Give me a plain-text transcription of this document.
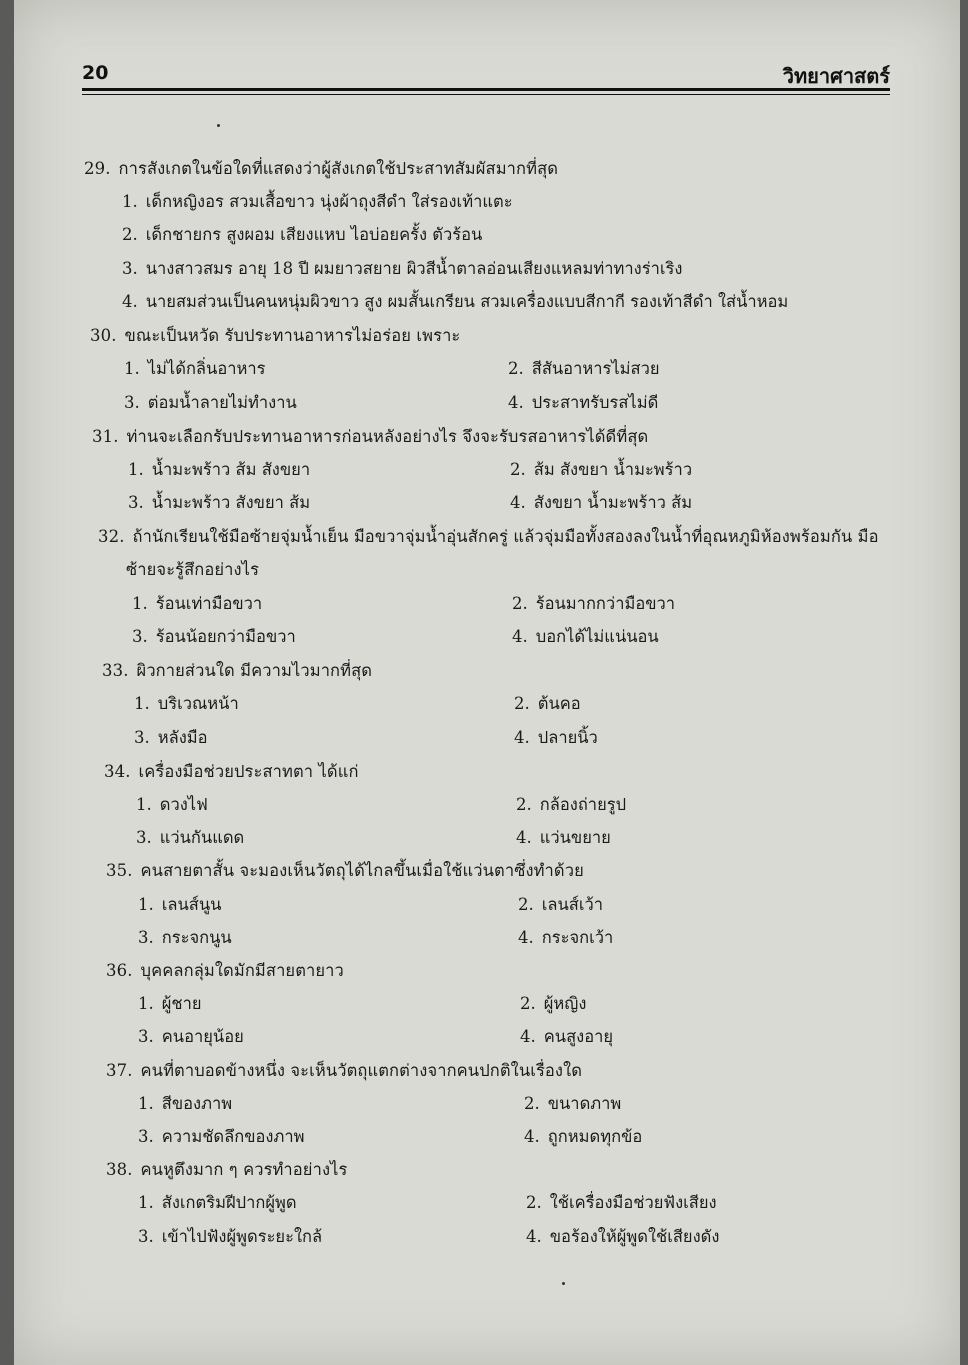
20	วิทยาศาสตร์
29. การสังเกตในข้อใดที่แสดงว่าผู้สังเกตใช้ประสาทสัมผัสมากที่สุด
1. เด็กหญิงอร สวมเสื้อขาว นุ่งผ้าถุงสีดำ ใส่รองเท้าแตะ
2. เด็กชายกร สูงผอม เสียงแหบ ไอบ่อยครั้ง ตัวร้อน
3. นางสาวสมร อายุ 18 ปี ผมยาวสยาย ผิวสีน้ำตาลอ่อนเสียงแหลมท่าทางร่าเริง
4. นายสมส่วนเป็นคนหนุ่มผิวขาว สูง ผมสั้นเกรียน สวมเครื่องแบบสีกากี รองเท้าสีดำ ใส่น้ำหอม
30. ขณะเป็นหวัด รับประทานอาหารไม่อร่อย เพราะ
1. ไม่ได้กลิ่นอาหาร	2. สีสันอาหารไม่สวย
3. ต่อมน้ำลายไม่ทำงาน	4. ประสาทรับรสไม่ดี
31. ท่านจะเลือกรับประทานอาหารก่อนหลังอย่างไร จึงจะรับรสอาหารได้ดีที่สุด
1. น้ำมะพร้าว ส้ม สังขยา	2. ส้ม สังขยา น้ำมะพร้าว
3. น้ำมะพร้าว สังขยา ส้ม	4. สังขยา น้ำมะพร้าว ส้ม
32. ถ้านักเรียนใช้มือซ้ายจุ่มน้ำเย็น มือขวาจุ่มน้ำอุ่นสักครู่ แล้วจุ่มมือทั้งสองลงในน้ำที่อุณหภูมิห้องพร้อมกัน มือ
ซ้ายจะรู้สึกอย่างไร
1. ร้อนเท่ามือขวา	2. ร้อนมากกว่ามือขวา
3. ร้อนน้อยกว่ามือขวา	4. บอกได้ไม่แน่นอน
33. ผิวกายส่วนใด มีความไวมากที่สุด
1. บริเวณหน้า	2. ต้นคอ
3. หลังมือ	4. ปลายนิ้ว
34. เครื่องมือช่วยประสาทตา ได้แก่
1. ดวงไฟ	2. กล้องถ่ายรูป
3. แว่นกันแดด	4. แว่นขยาย
35. คนสายตาสั้น จะมองเห็นวัตถุได้ไกลขึ้นเมื่อใช้แว่นตาซึ่งทำด้วย
1. เลนส์นูน	2. เลนส์เว้า
3. กระจกนูน	4. กระจกเว้า
36. บุคคลกลุ่มใดมักมีสายตายาว
1. ผู้ชาย	2. ผู้หญิง
3. คนอายุน้อย	4. คนสูงอายุ
37. คนที่ตาบอดข้างหนึ่ง จะเห็นวัตถุแตกต่างจากคนปกติในเรื่องใด
1. สีของภาพ	2. ขนาดภาพ
3. ความชัดลึกของภาพ	4. ถูกหมดทุกข้อ
38. คนหูตึงมาก ๆ ควรทำอย่างไร
1. สังเกตริมฝีปากผู้พูด	2. ใช้เครื่องมือช่วยฟังเสียง
3. เข้าไปฟังผู้พูดระยะใกล้	4. ขอร้องให้ผู้พูดใช้เสียงดัง
